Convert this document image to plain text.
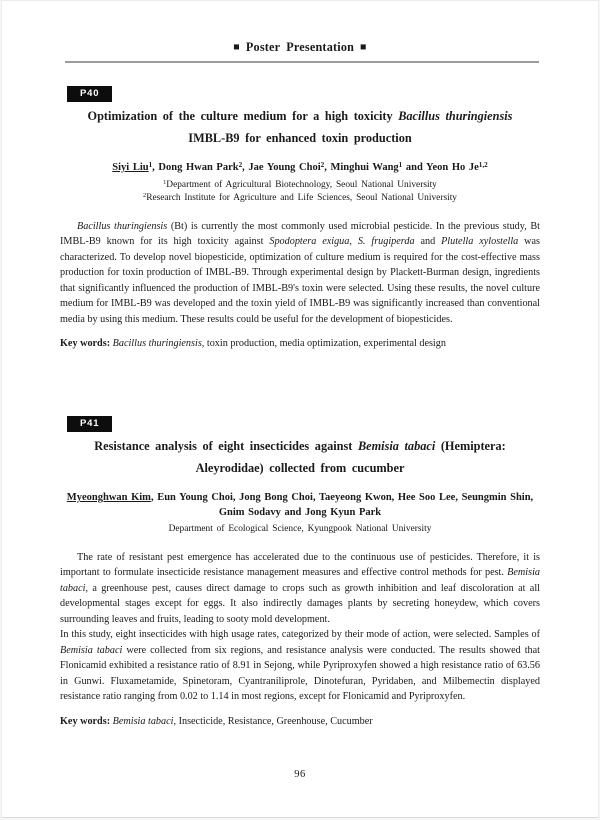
■ Poster Presentation ■
P40
Optimization of the culture medium for a high toxicity Bacillus thuringiensis
IMBL-B9 for enhanced toxin production
Siyi Liu$^1$, Dong Hwan Park$^2$, Jae Young Choi$^2$, Minghui Wang$^1$ and Yeon Ho Je$^{1,2}$
$^1$Department of Agricultural Biotechnology, Seoul National University
$^2$Research Institute for Agriculture and Life Sciences, Seoul National University

Bacillus thuringiensis (Bt) is currently the most commonly used microbial pesticide. In the previous study, Bt IMBL-B9 known for its high toxicity against Spodoptera exigua, S. frugiperda and Plutella xylostella was characterized. To develop novel biopesticide, optimization of culture medium is required for the cost-effective mass production for toxin production of IMBL-B9. Through experimental design by Plackett-Burman design, ingredients that significantly influenced the production of IMBL-B9's toxin were selected. Using these results, the novel culture medium for IMBL-B9 was developed and the toxin yield of IMBL-B9 was significantly increased than conventional media by using this medium. These results could be useful for the development of biopesticides.

Key words: Bacillus thuringiensis, toxin production, media optimization, experimental design
P41
Resistance analysis of eight insecticides against Bemisia tabaci (Hemiptera:
Aleyrodidae) collected from cucumber
Myeonghwan Kim, Eun Young Choi, Jong Bong Choi, Taeyeong Kwon, Hee Soo Lee, Seungmin Shin,
Gnim Sodavy and Jong Kyun Park
Department of Ecological Science, Kyungpook National University

The rate of resistant pest emergence has accelerated due to the continuous use of pesticides. Therefore, it is important to formulate insecticide resistance management measures and effective control methods for pest. Bemisia tabaci, a greenhouse pest, causes direct damage to crops such as growth inhibition and leaf discoloration at all developmental stages except for eggs. It also indirectly damages plants by secreting honeydew, which covers surrounding leaves and fruits, leading to sooty mold development.

In this study, eight insecticides with high usage rates, categorized by their mode of action, were selected. Samples of Bemisia tabaci were collected from six regions, and resistance analysis were conducted. The results showed that Flonicamid exhibited a resistance ratio of 8.91 in Sejong, while Pyriproxyfen showed a high resistance ratio of 63.56 in Gunwi. Fluxametamide, Spinetoram, Cyantraniliprole, Dinotefuran, Pyridaben, and Milbemectin displayed resistance ratio ranging from 0.02 to 1.14 in most regions, except for Flonicamid and Pyriproxyfen.

Key words: Bemisia tabaci, Insecticide, Resistance, Greenhouse, Cucumber
96
